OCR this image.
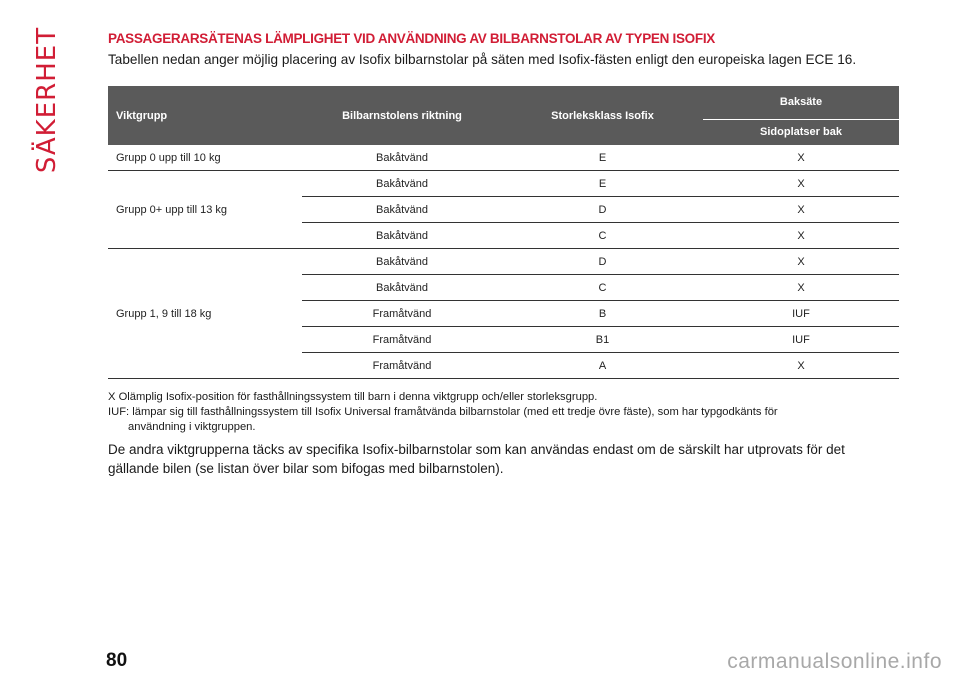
SÄKERHET	PASSAGERARSÄTENAS LÄMPLIGHET VID ANVÄNDNING AV BILBARNSTOLAR AV TYPEN ISOFIX
Tabellen nedan anger möjlig placering av Isofix bilbarnstolar på säten med Isofix-fästen enligt den europeiska lagen ECE 16.
Viktgrupp	Bilbarnstolens riktning	Storleksklass Isofix	Baksäte
Sidoplatser bak

Grupp 0 upp till 10 kg	Bakåtvänd	E	X
Grupp 0+ upp till 13 kg	Bakåtvänd	E	X
	Bakåtvänd	D	X
	Bakåtvänd	C	X
Grupp 1, 9 till 18 kg	Bakåtvänd	D	X
	Bakåtvänd	C	X
	Framåtvänd	B	IUF
	Framåtvänd	B1	IUF
	Framåtvänd	A	X

X Olämplig Isofix-position för fasthållningssystem till barn i denna viktgrupp och/eller storleksgrupp.

IUF: lämpar sig till fasthållningssystem till Isofix Universal framåtvända bilbarnstolar (med ett tredje övre fäste), som har typgodkänts för

användning i viktgruppen.

De andra viktgrupperna täcks av specifika Isofix-bilbarnstolar som kan användas endast om de särskilt har utprovats för det gällande bilen (se listan över bilar som bifogas med bilbarnstolen).
80	carmanualsonline.info
